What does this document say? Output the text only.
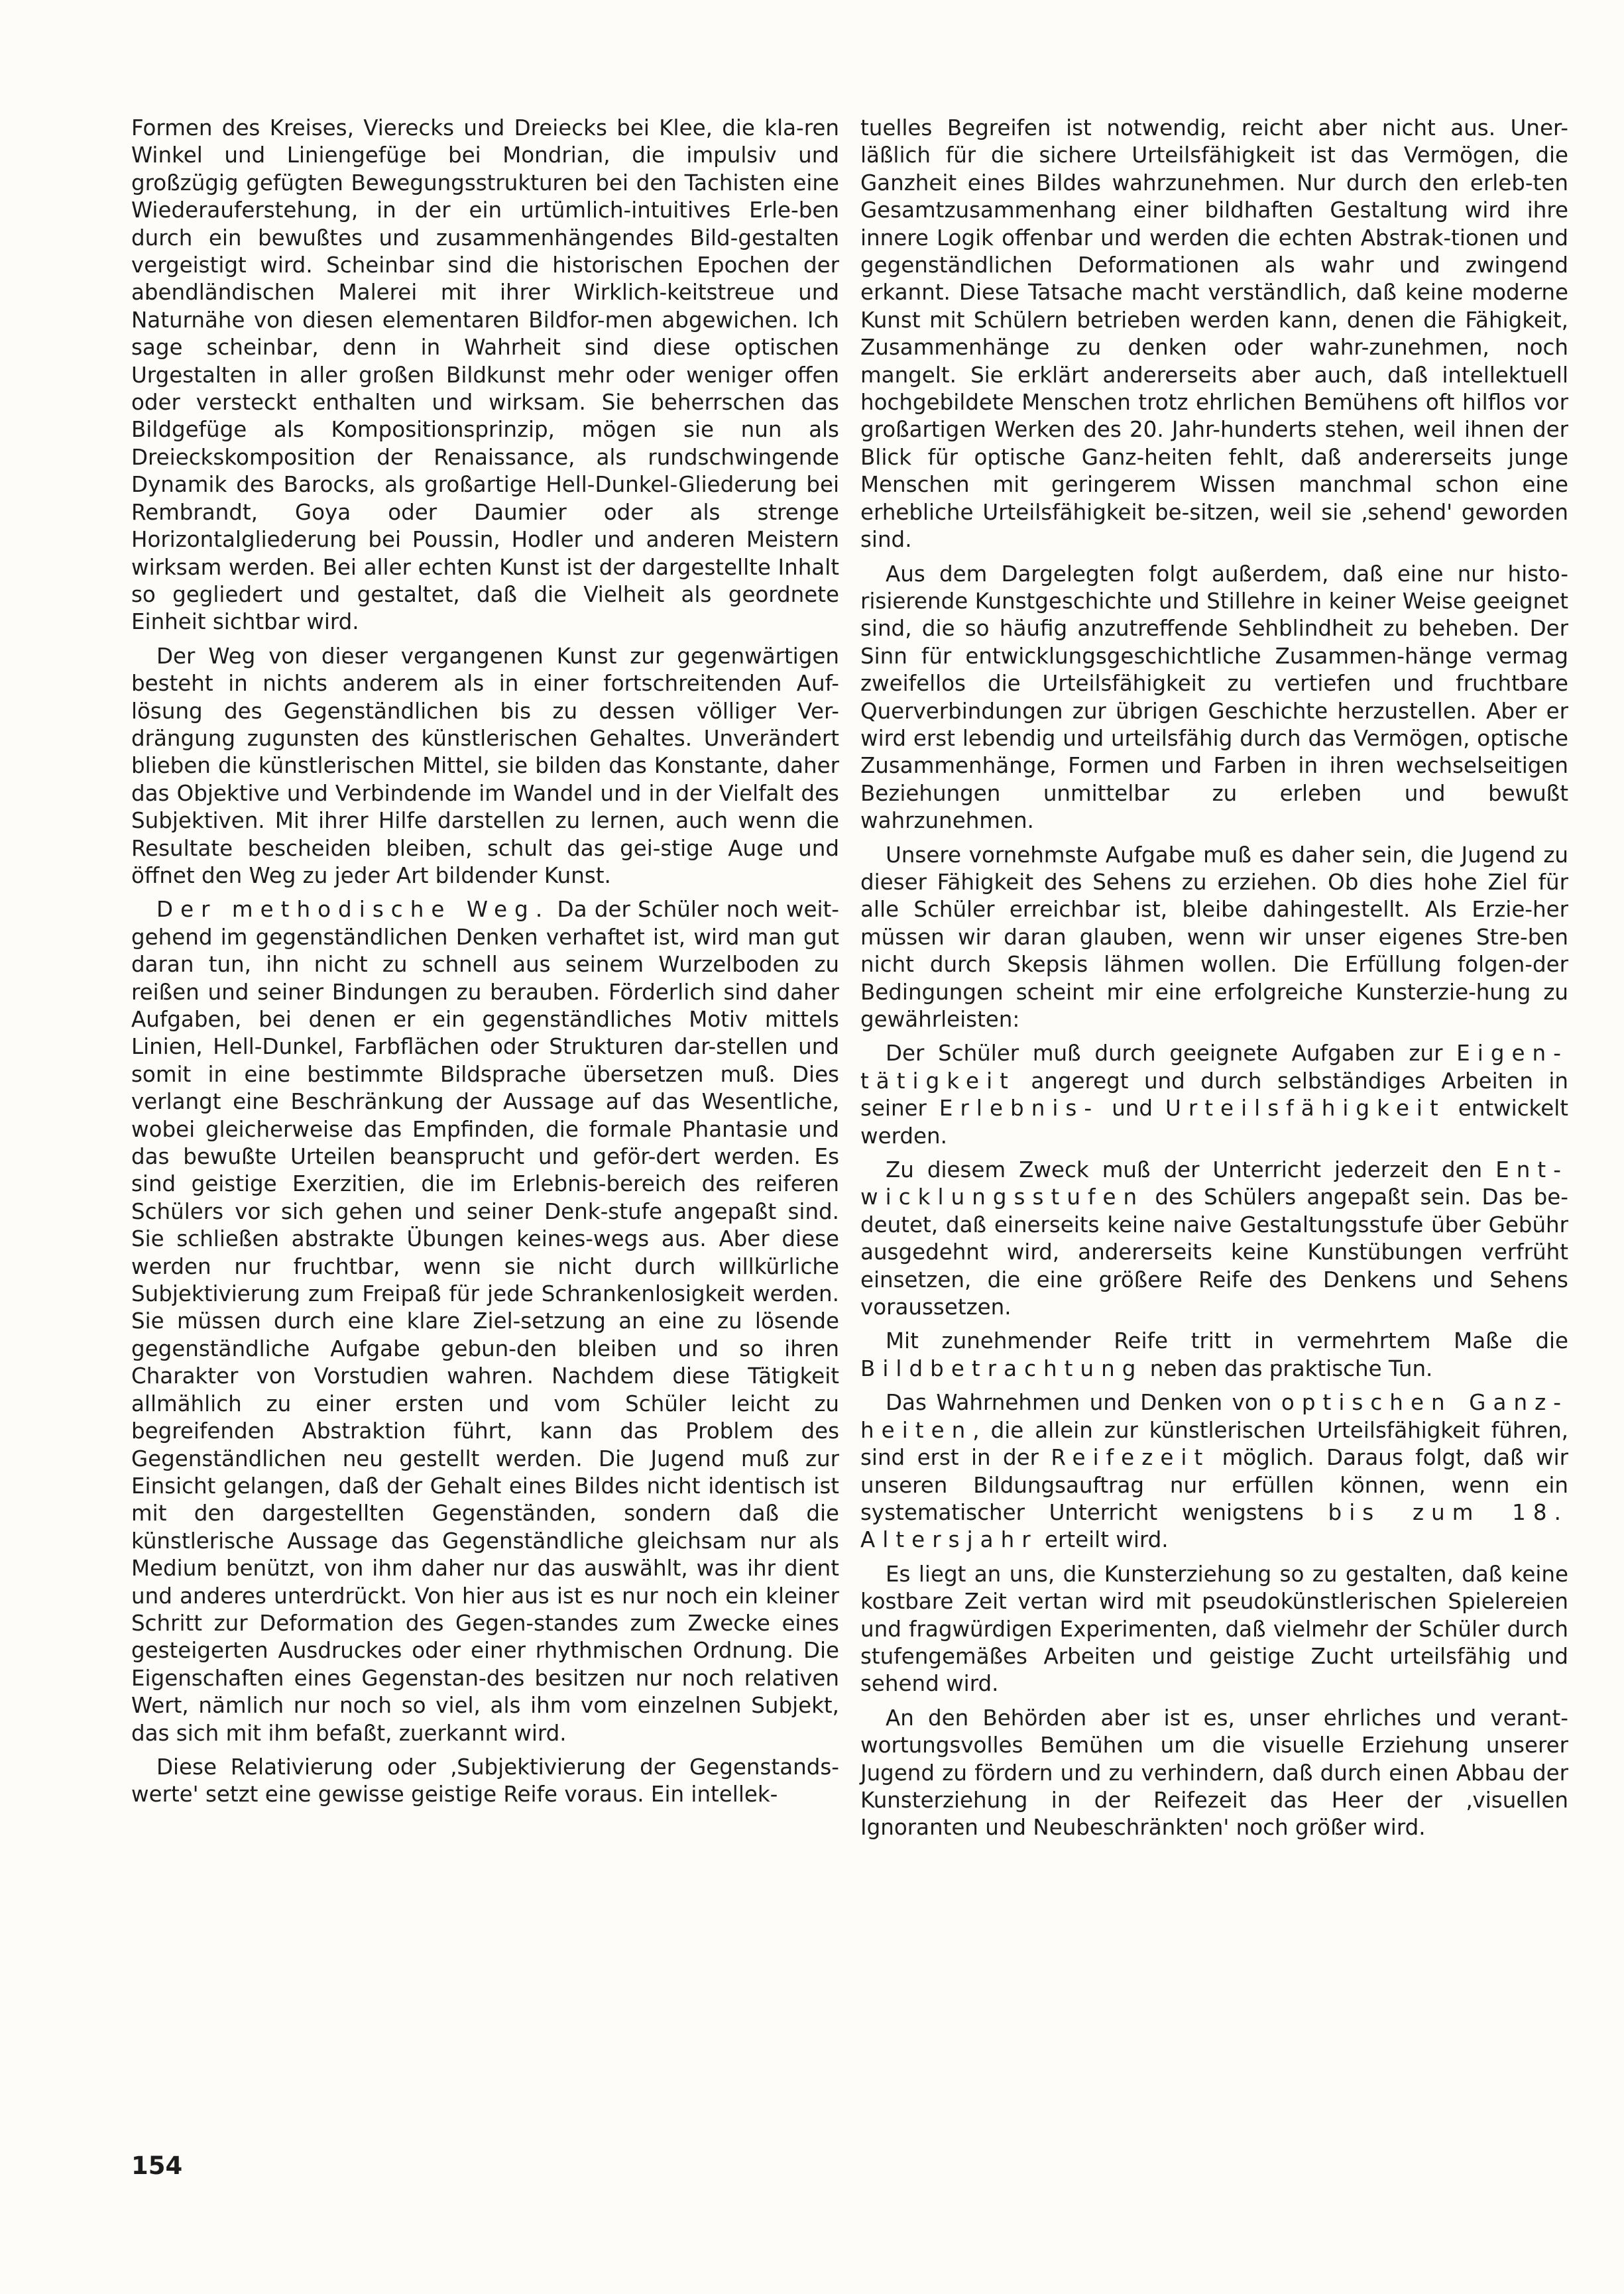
Formen des Kreises, Vierecks und Dreiecks bei Klee, die kla-ren Winkel und Liniengefüge bei Mondrian, die impulsiv und großzügig gefügten Bewegungsstrukturen bei den Tachisten eine Wiederauferstehung, in der ein urtümlich-intuitives Erle-ben durch ein bewußtes und zusammenhängendes Bild-gestalten vergeistigt wird. Scheinbar sind die historischen Epochen der abendländischen Malerei mit ihrer Wirklich-keitstreue und Naturnähe von diesen elementaren Bildfor-men abgewichen. Ich sage scheinbar, denn in Wahrheit sind diese optischen Urgestalten in aller großen Bildkunst mehr oder weniger offen oder versteckt enthalten und wirksam. Sie beherrschen das Bildgefüge als Kompositionsprinzip, mögen sie nun als Dreieckskomposition der Renaissance, als rundschwingende Dynamik des Barocks, als großartige Hell-Dunkel-Gliederung bei Rembrandt, Goya oder Daumier oder als strenge Horizontalgliederung bei Poussin, Hodler und anderen Meistern wirksam werden. Bei aller echten Kunst ist der dargestellte Inhalt so gegliedert und gestaltet, daß die Vielheit als geordnete Einheit sichtbar wird.

Der Weg von dieser vergangenen Kunst zur gegenwärtigen besteht in nichts anderem als in einer fortschreitenden Auf-lösung des Gegenständlichen bis zu dessen völliger Ver-drängung zugunsten des künstlerischen Gehaltes. Unverändert blieben die künstlerischen Mittel, sie bilden das Konstante, daher das Objektive und Verbindende im Wandel und in der Vielfalt des Subjektiven. Mit ihrer Hilfe darstellen zu lernen, auch wenn die Resultate bescheiden bleiben, schult das gei-stige Auge und öffnet den Weg zu jeder Art bildender Kunst.

Der methodische Weg. Da der Schüler noch weit-gehend im gegenständlichen Denken verhaftet ist, wird man gut daran tun, ihn nicht zu schnell aus seinem Wurzelboden zu reißen und seiner Bindungen zu berauben. Förderlich sind daher Aufgaben, bei denen er ein gegenständliches Motiv mittels Linien, Hell-Dunkel, Farbflächen oder Strukturen dar-stellen und somit in eine bestimmte Bildsprache übersetzen muß. Dies verlangt eine Beschränkung der Aussage auf das Wesentliche, wobei gleicherweise das Empfinden, die formale Phantasie und das bewußte Urteilen beansprucht und geför-dert werden. Es sind geistige Exerzitien, die im Erlebnis-bereich des reiferen Schülers vor sich gehen und seiner Denk-stufe angepaßt sind. Sie schließen abstrakte Übungen keines-wegs aus. Aber diese werden nur fruchtbar, wenn sie nicht durch willkürliche Subjektivierung zum Freipaß für jede Schrankenlosigkeit werden. Sie müssen durch eine klare Ziel-setzung an eine zu lösende gegenständliche Aufgabe gebun-den bleiben und so ihren Charakter von Vorstudien wahren. Nachdem diese Tätigkeit allmählich zu einer ersten und vom Schüler leicht zu begreifenden Abstraktion führt, kann das Problem des Gegenständlichen neu gestellt werden. Die Jugend muß zur Einsicht gelangen, daß der Gehalt eines Bildes nicht identisch ist mit den dargestellten Gegenständen, sondern daß die künstlerische Aussage das Gegenständliche gleichsam nur als Medium benützt, von ihm daher nur das auswählt, was ihr dient und anderes unterdrückt. Von hier aus ist es nur noch ein kleiner Schritt zur Deformation des Gegen-standes zum Zwecke eines gesteigerten Ausdruckes oder einer rhythmischen Ordnung. Die Eigenschaften eines Gegenstan-des besitzen nur noch relativen Wert, nämlich nur noch so viel, als ihm vom einzelnen Subjekt, das sich mit ihm befaßt, zuerkannt wird.

Diese Relativierung oder ‚Subjektivierung der Gegenstands-werte' setzt eine gewisse geistige Reife voraus. Ein intellek-

tuelles Begreifen ist notwendig, reicht aber nicht aus. Uner-läßlich für die sichere Urteilsfähigkeit ist das Vermögen, die Ganzheit eines Bildes wahrzunehmen. Nur durch den erleb-ten Gesamtzusammenhang einer bildhaften Gestaltung wird ihre innere Logik offenbar und werden die echten Abstrak-tionen und gegenständlichen Deformationen als wahr und zwingend erkannt. Diese Tatsache macht verständlich, daß keine moderne Kunst mit Schülern betrieben werden kann, denen die Fähigkeit, Zusammenhänge zu denken oder wahr-zunehmen, noch mangelt. Sie erklärt andererseits aber auch, daß intellektuell hochgebildete Menschen trotz ehrlichen Bemühens oft hilflos vor großartigen Werken des 20. Jahr-hunderts stehen, weil ihnen der Blick für optische Ganz-heiten fehlt, daß andererseits junge Menschen mit geringerem Wissen manchmal schon eine erhebliche Urteilsfähigkeit be-sitzen, weil sie ‚sehend' geworden sind.

Aus dem Dargelegten folgt außerdem, daß eine nur histo-risierende Kunstgeschichte und Stillehre in keiner Weise geeignet sind, die so häufig anzutreffende Sehblindheit zu beheben. Der Sinn für entwicklungsgeschichtliche Zusammen-hänge vermag zweifellos die Urteilsfähigkeit zu vertiefen und fruchtbare Querverbindungen zur übrigen Geschichte herzustellen. Aber er wird erst lebendig und urteilsfähig durch das Vermögen, optische Zusammenhänge, Formen und Farben in ihren wechselseitigen Beziehungen unmittelbar zu erleben und bewußt wahrzunehmen.

Unsere vornehmste Aufgabe muß es daher sein, die Jugend zu dieser Fähigkeit des Sehens zu erziehen. Ob dies hohe Ziel für alle Schüler erreichbar ist, bleibe dahingestellt. Als Erzie-her müssen wir daran glauben, wenn wir unser eigenes Stre-ben nicht durch Skepsis lähmen wollen. Die Erfüllung folgen-der Bedingungen scheint mir eine erfolgreiche Kunsterzie-hung zu gewährleisten:

Der Schüler muß durch geeignete Aufgaben zur Eigen-tätigkeit angeregt und durch selbständiges Arbeiten in seiner Erlebnis- und Urteilsfähigkeit entwickelt werden.

Zu diesem Zweck muß der Unterricht jederzeit den Ent-wicklungsstufen des Schülers angepaßt sein. Das be-deutet, daß einerseits keine naive Gestaltungsstufe über Gebühr ausgedehnt wird, andererseits keine Kunstübungen verfrüht einsetzen, die eine größere Reife des Denkens und Sehens voraussetzen.

Mit zunehmender Reife tritt in vermehrtem Maße die Bildbetrachtung neben das praktische Tun.

Das Wahrnehmen und Denken von optischen Ganz-heiten, die allein zur künstlerischen Urteilsfähigkeit führen, sind erst in der Reifezeit möglich. Daraus folgt, daß wir unseren Bildungsauftrag nur erfüllen können, wenn ein systematischer Unterricht wenigstens bis zum 18. Altersjahr erteilt wird.

Es liegt an uns, die Kunsterziehung so zu gestalten, daß keine kostbare Zeit vertan wird mit pseudokünstlerischen Spielereien und fragwürdigen Experimenten, daß vielmehr der Schüler durch stufengemäßes Arbeiten und geistige Zucht urteilsfähig und sehend wird.

An den Behörden aber ist es, unser ehrliches und verant-wortungsvolles Bemühen um die visuelle Erziehung unserer Jugend zu fördern und zu verhindern, daß durch einen Abbau der Kunsterziehung in der Reifezeit das Heer der ‚visuellen Ignoranten und Neubeschränkten' noch größer wird.

154
